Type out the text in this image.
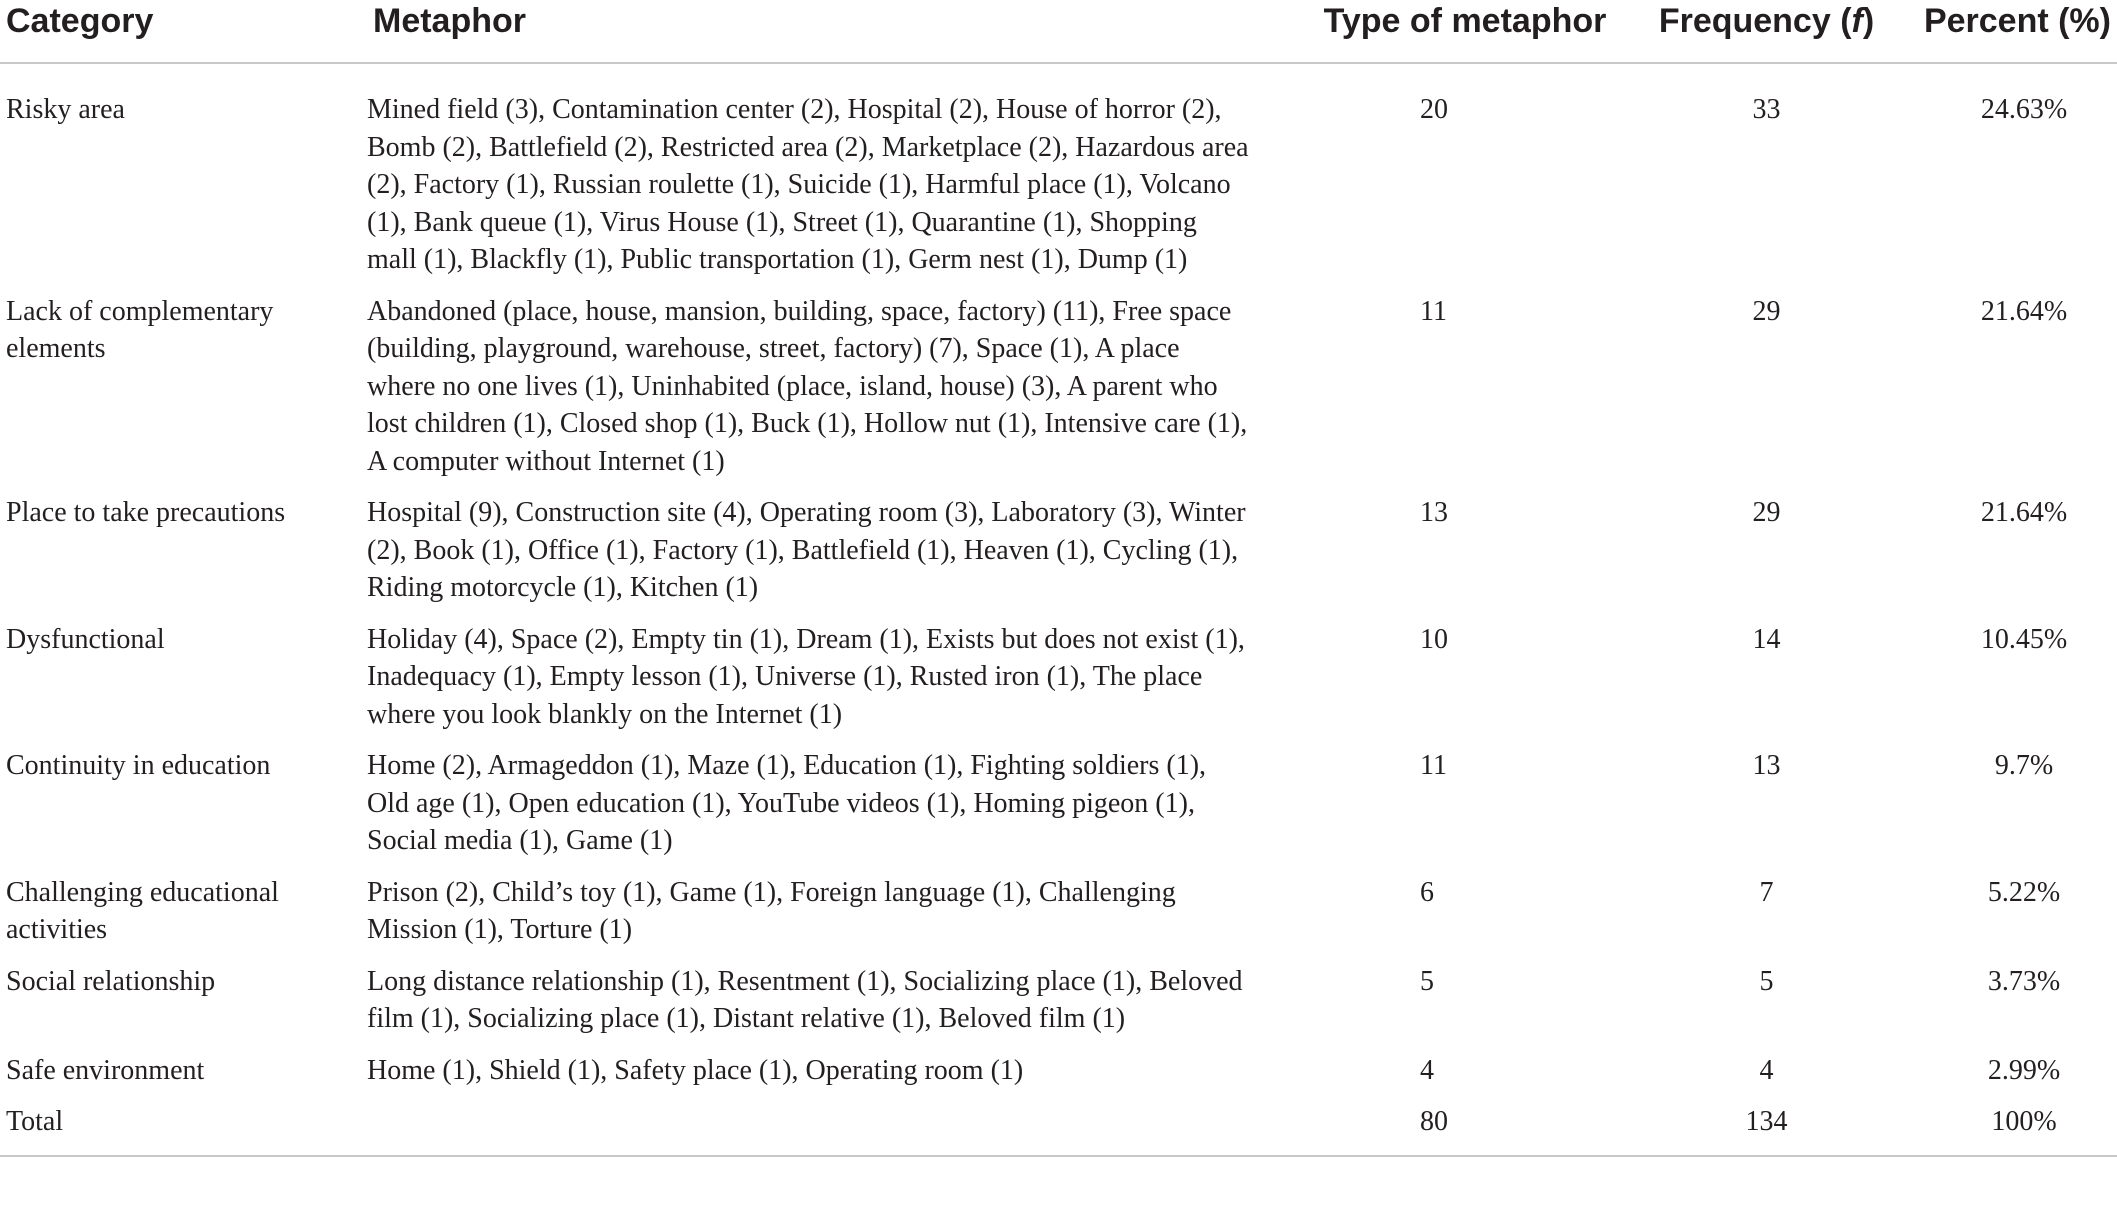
Category	Metaphor	Type of metaphor	Frequency (f)	Percent (%)
Risky area	Mined field (3), Contamination center (2), Hospital (2), House of horror (2), Bomb (2), Battlefield (2), Restricted area (2), Marketplace (2), Hazardous area (2), Factory (1), Russian roulette (1), Suicide (1), Harmful place (1), Volcano (1), Bank queue (1), Virus House (1), Street (1), Quarantine (1), Shopping mall (1), Blackfly (1), Public transportation (1), Germ nest (1), Dump (1)	20	33	24.63%
Lack of complementary elements	Abandoned (place, house, mansion, building, space, factory) (11), Free space (building, playground, warehouse, street, factory) (7), Space (1), A place where no one lives (1), Uninhabited (place, island, house) (3), A parent who lost children (1), Closed shop (1), Buck (1), Hollow nut (1), Intensive care (1), A computer without Internet (1)	11	29	21.64%
Place to take precautions	Hospital (9), Construction site (4), Operating room (3), Laboratory (3), Winter (2), Book (1), Office (1), Factory (1), Battlefield (1), Heaven (1), Cycling (1), Riding motorcycle (1), Kitchen (1)	13	29	21.64%
Dysfunctional	Holiday (4), Space (2), Empty tin (1), Dream (1), Exists but does not exist (1), Inadequacy (1), Empty lesson (1), Universe (1), Rusted iron (1), The place where you look blankly on the Internet (1)	10	14	10.45%
Continuity in education	Home (2), Armageddon (1), Maze (1), Education (1), Fighting soldiers (1), Old age (1), Open education (1), YouTube videos (1), Homing pigeon (1), Social media (1), Game (1)	11	13	9.7%
Challenging educational activities	Prison (2), Child’s toy (1), Game (1), Foreign language (1), Challenging Mission (1), Torture (1)	6	7	5.22%
Social relationship	Long distance relationship (1), Resentment (1), Socializing place (1), Beloved film (1), Socializing place (1), Distant relative (1), Beloved film (1)	5	5	3.73%
Safe environment	Home (1), Shield (1), Safety place (1), Operating room (1)	4	4	2.99%
Total		80	134	100%
